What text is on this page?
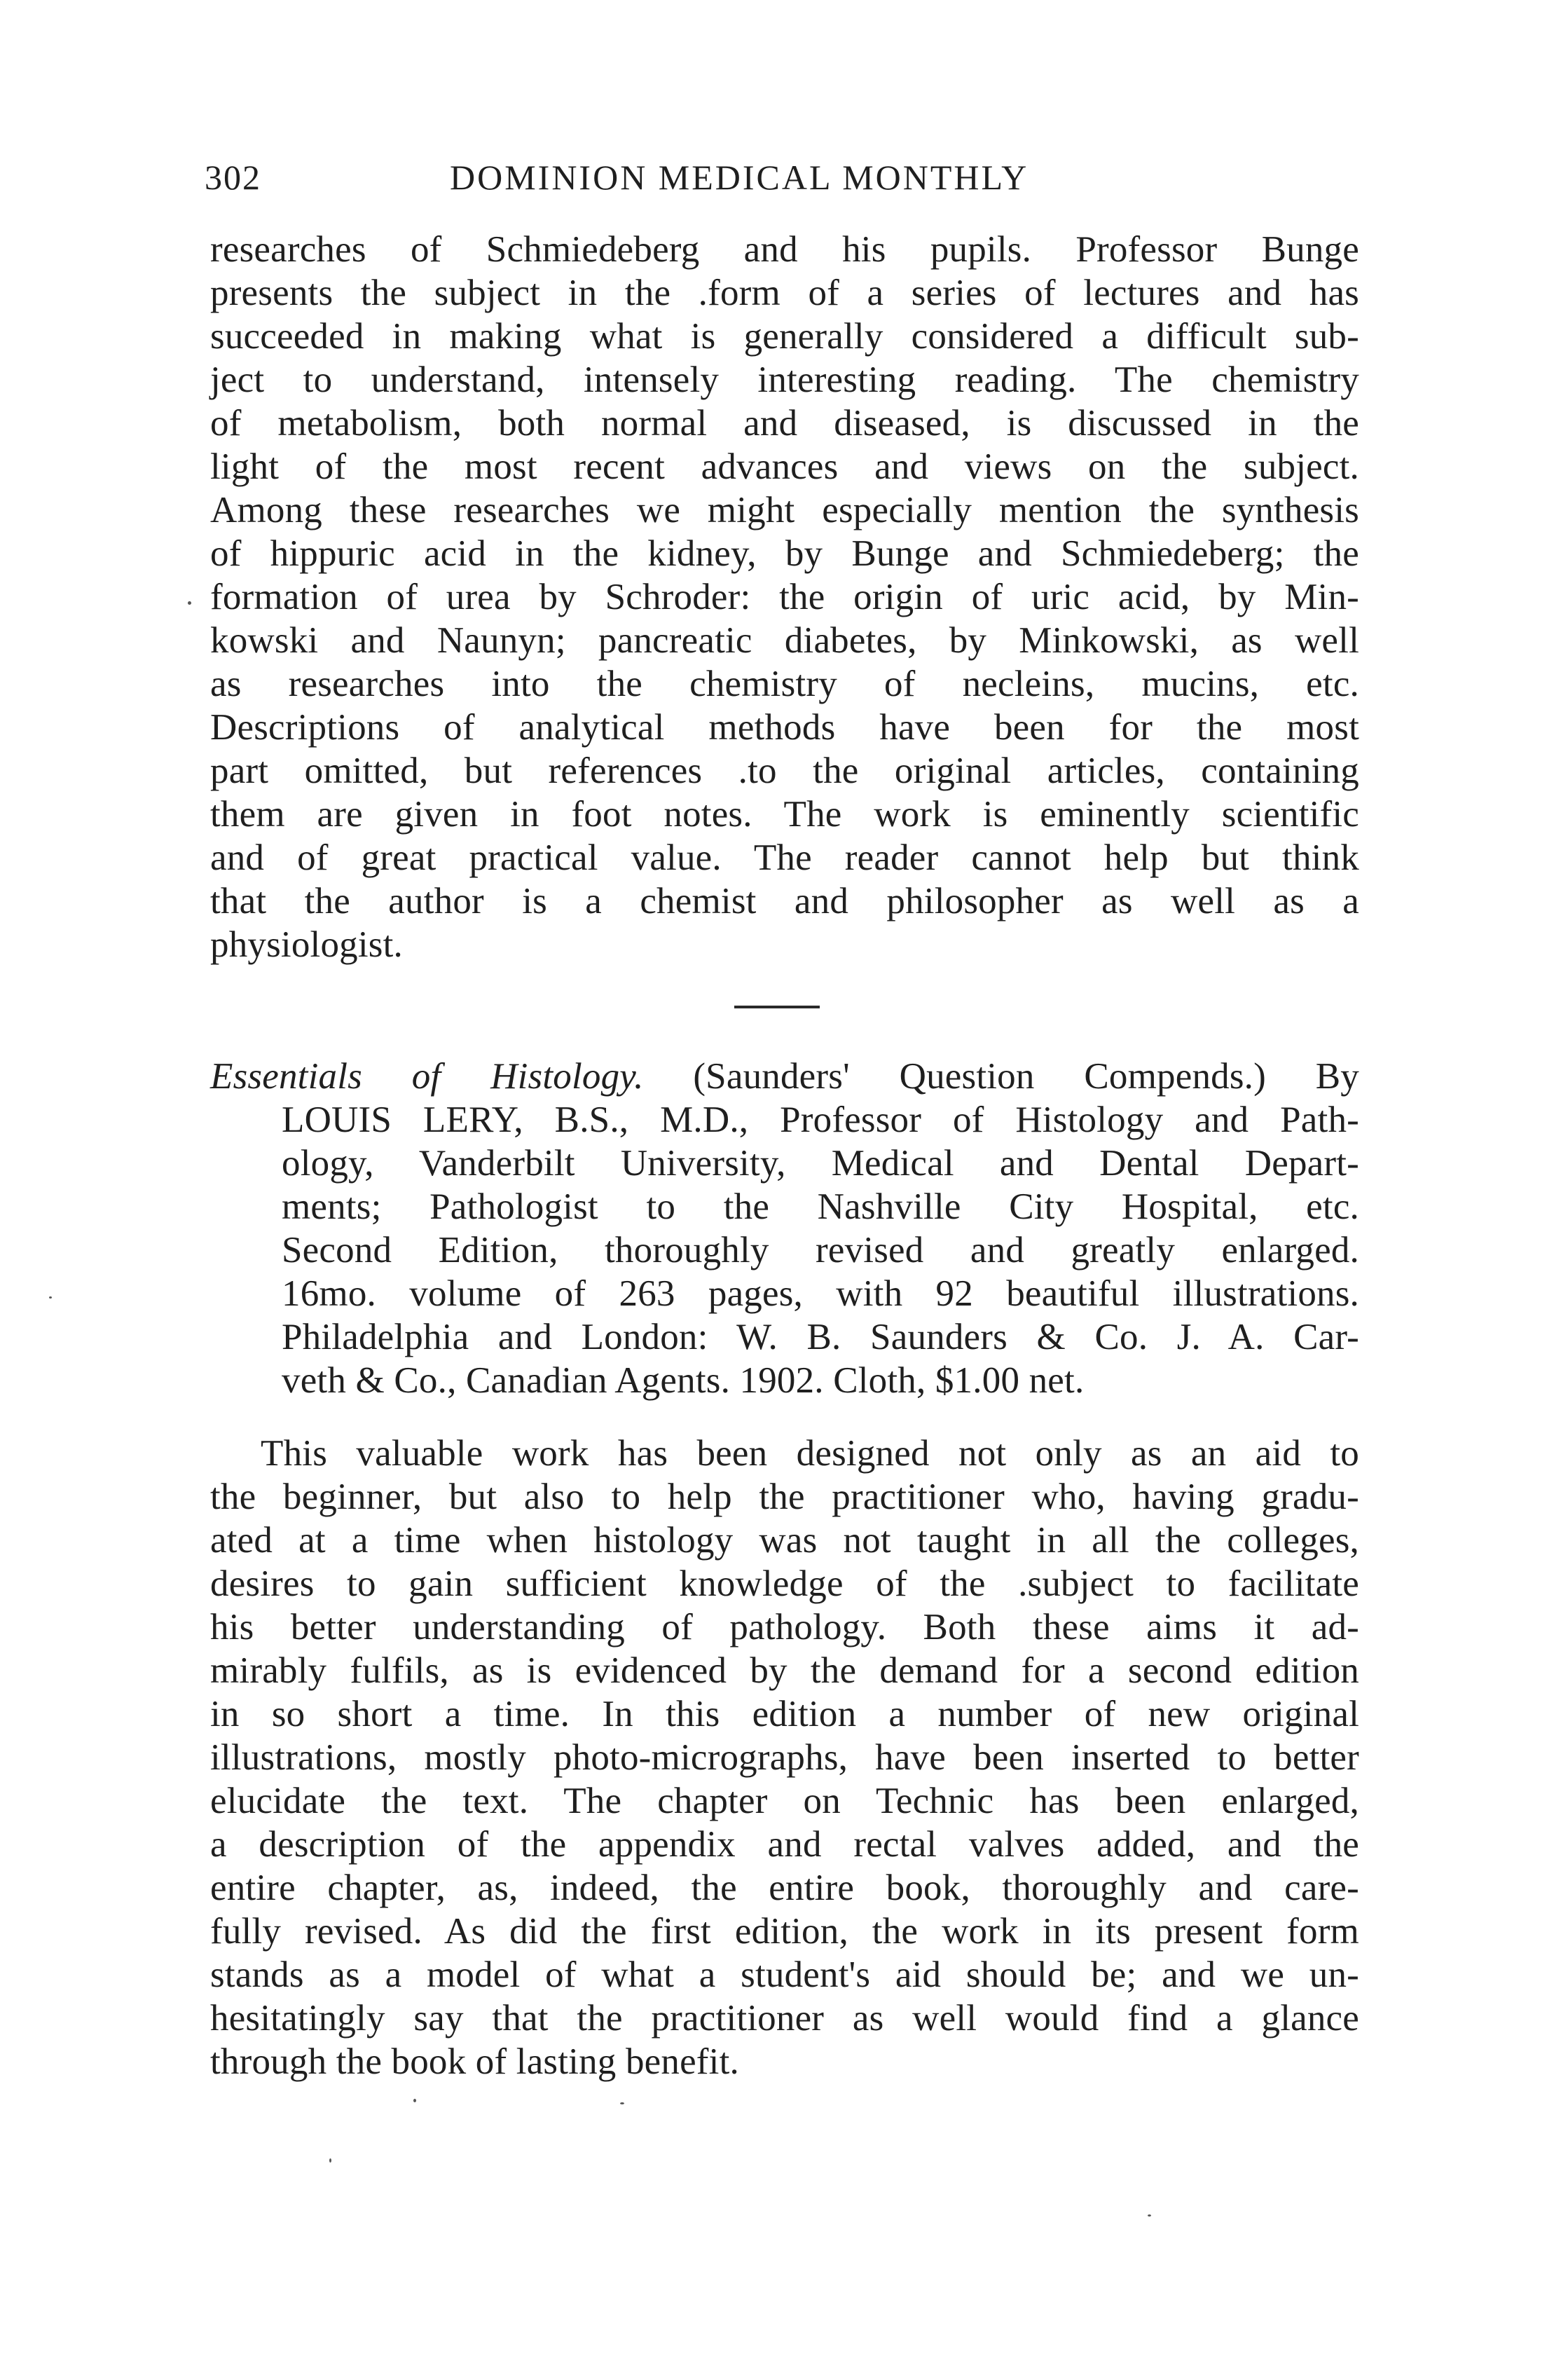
302	DOMINION MEDICAL MONTHLY
researches of Schmiedeberg and his pupils. Professor Bunge
presents the subject in the .form of a series of lectures and has
succeeded in making what is generally considered a difficult sub-
ject to understand, intensely interesting reading. The chemistry
of metabolism, both normal and diseased, is discussed in the
light of the most recent advances and views on the subject.
Among these researches we might especially mention the synthesis
of hippuric acid in the kidney, by Bunge and Schmiedeberg; the
formation of urea by Schroder: the origin of uric acid, by Min-
kowski and Naunyn; pancreatic diabetes, by Minkowski, as well
as researches into the chemistry of necleins, mucins, etc.
Descriptions of analytical methods have been for the most
part omitted, but references .to the original articles, containing
them are given in foot notes. The work is eminently scientific
and of great practical value. The reader cannot help but think
that the author is a chemist and philosopher as well as a
physiologist.
Essentials of Histology. (Saunders' Question Compends.) By
LOUIS LERY, B.S., M.D., Professor of Histology and Path-
ology, Vanderbilt University, Medical and Dental Depart-
ments; Pathologist to the Nashville City Hospital, etc.
Second Edition, thoroughly revised and greatly enlarged.
16mo. volume of 263 pages, with 92 beautiful illustrations.
Philadelphia and London: W. B. Saunders & Co. J. A. Car-
veth & Co., Canadian Agents. 1902. Cloth, $1.00 net.
This valuable work has been designed not only as an aid to
the beginner, but also to help the practitioner who, having gradu-
ated at a time when histology was not taught in all the colleges,
desires to gain sufficient knowledge of the .subject to facilitate
his better understanding of pathology. Both these aims it ad-
mirably fulfils, as is evidenced by the demand for a second edition
in so short a time. In this edition a number of new original
illustrations, mostly photo-micrographs, have been inserted to better
elucidate the text. The chapter on Technic has been enlarged,
a description of the appendix and rectal valves added, and the
entire chapter, as, indeed, the entire book, thoroughly and care-
fully revised. As did the first edition, the work in its present form
stands as a model of what a student's aid should be; and we un-
hesitatingly say that the practitioner as well would find a glance
through the book of lasting benefit.
